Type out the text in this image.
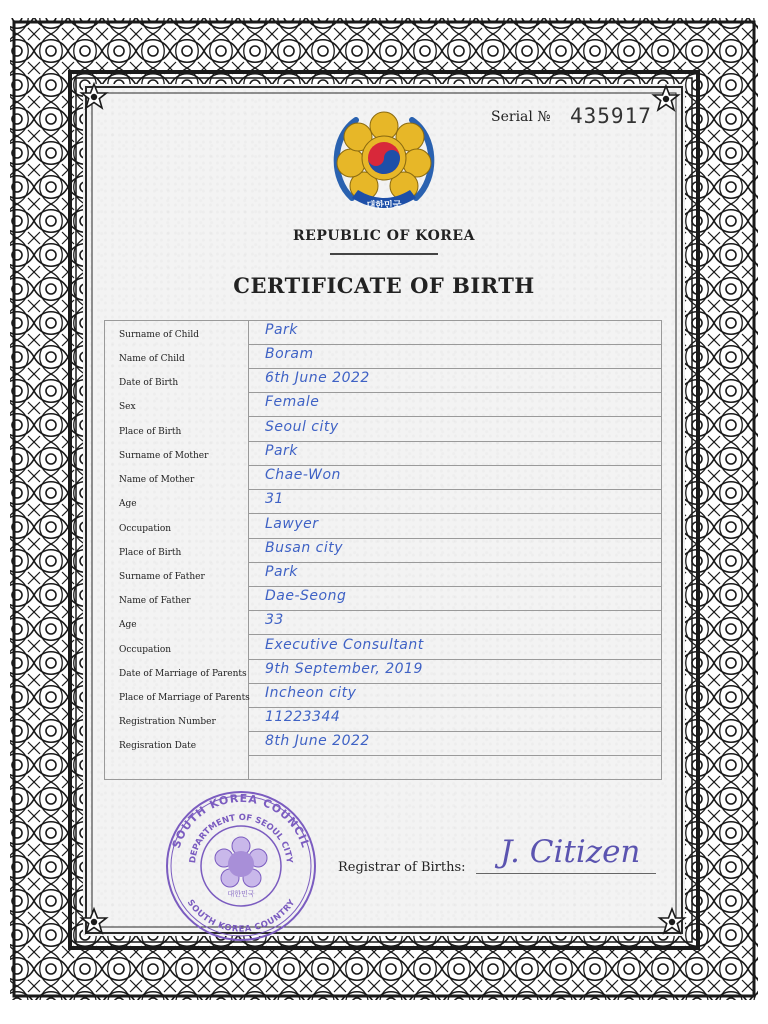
Serial № 435917
대한민국
REPUBLIC OF KOREA
CERTIFICATE OF BIRTH
Surname of Child	Park
Name of Child	Boram
Date of Birth	6th June 2022
Sex	Female
Place of Birth	Seoul city
Surname of Mother	Park
Name of Mother	Chae-Won
Age	31
Occupation	Lawyer
Place of Birth	Busan city
Surname of Father	Park
Name of Father	Dae-Seong
Age	33
Occupation	Executive Consultant
Date of Marriage of Parents 9th September, 2019
Place of Marriage of Parents Incheon city
Registration Number	11223344
Regisration Date	8th June 2022
SOUTH KOREA COUNCIL
DEPARTMENT OF SEOUL CITY
SOUTH KOREA COUNTRY
대한민국
Registrar of Births: J. Citizen
